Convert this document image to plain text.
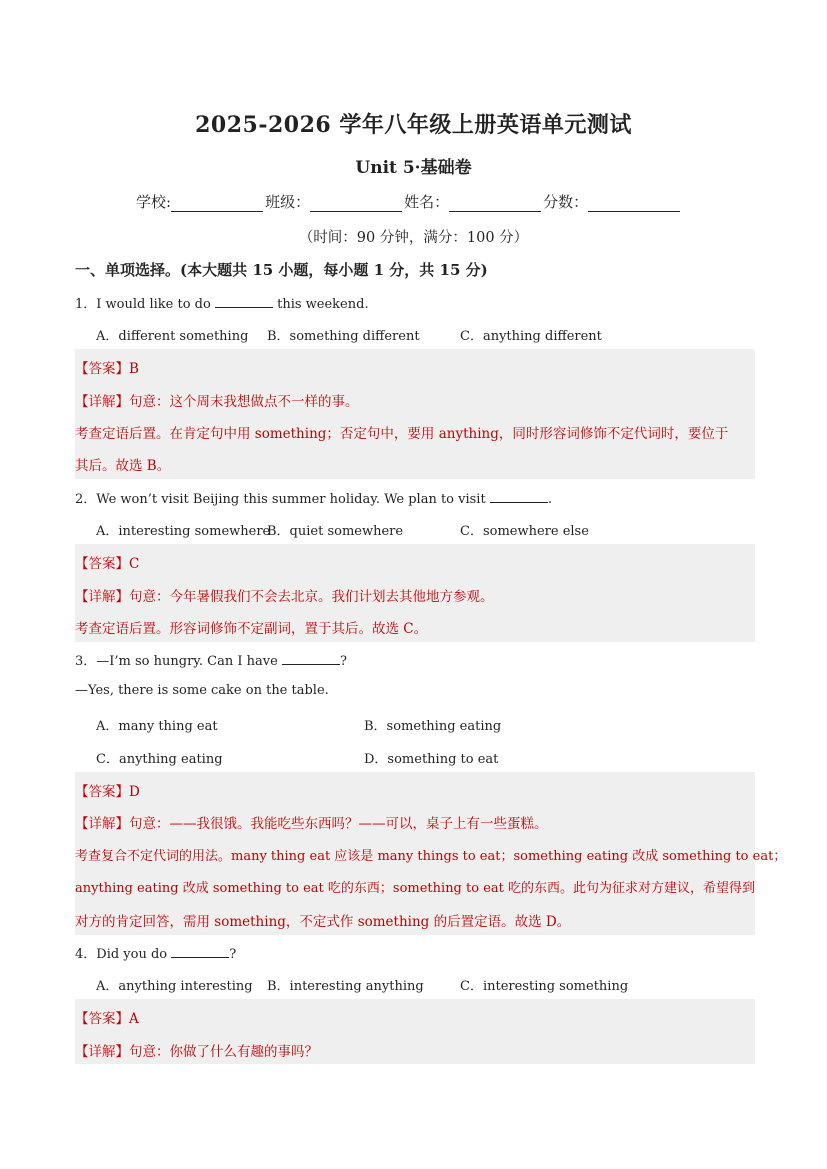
2025-2026 学年八年级上册英语单元测试
Unit 5·基础卷
学校:	班级：	姓名：	分数：
（时间：90 分钟，满分：100 分）
一、单项选择。(本大题共 15 小题，每小题 1 分，共 15 分)
1．I would like to do	this weekend.
A．different something B．something different	C．anything different
【答案】B
【详解】句意：这个周末我想做点不一样的事。
考查定语后置。在肯定句中用 something；否定句中，要用 anything，同时形容词修饰不定代词时，要位于
其后。故选 B。
2．We won’t visit Beijing this summer holiday. We plan to visit	.
A．interesting somewhere
B．quiet somewhere	C．somewhere else
【答案】C
【详解】句意：今年暑假我们不会去北京。我们计划去其他地方参观。
考查定语后置。形容词修饰不定副词，置于其后。故选 C。
3．—I’m so hungry. Can I have	?
—Yes, there is some cake on the table.
A．many thing eat	B．something eating
C．anything eating	D．something to eat
【答案】D
【详解】句意：——我很饿。我能吃些东西吗？——可以，桌子上有一些蛋糕。
考查复合不定代词的用法。many thing eat 应该是 many things to eat；something eating 改成 something to eat；
anything eating 改成 something to eat 吃的东西；something to eat 吃的东西。此句为征求对方建议，希望得到
对方的肯定回答，需用 something，不定式作 something 的后置定语。故选 D。
4．Did you do	?
A．anything interesting B．interesting anything	C．interesting something
【答案】A
【详解】句意：你做了什么有趣的事吗？
